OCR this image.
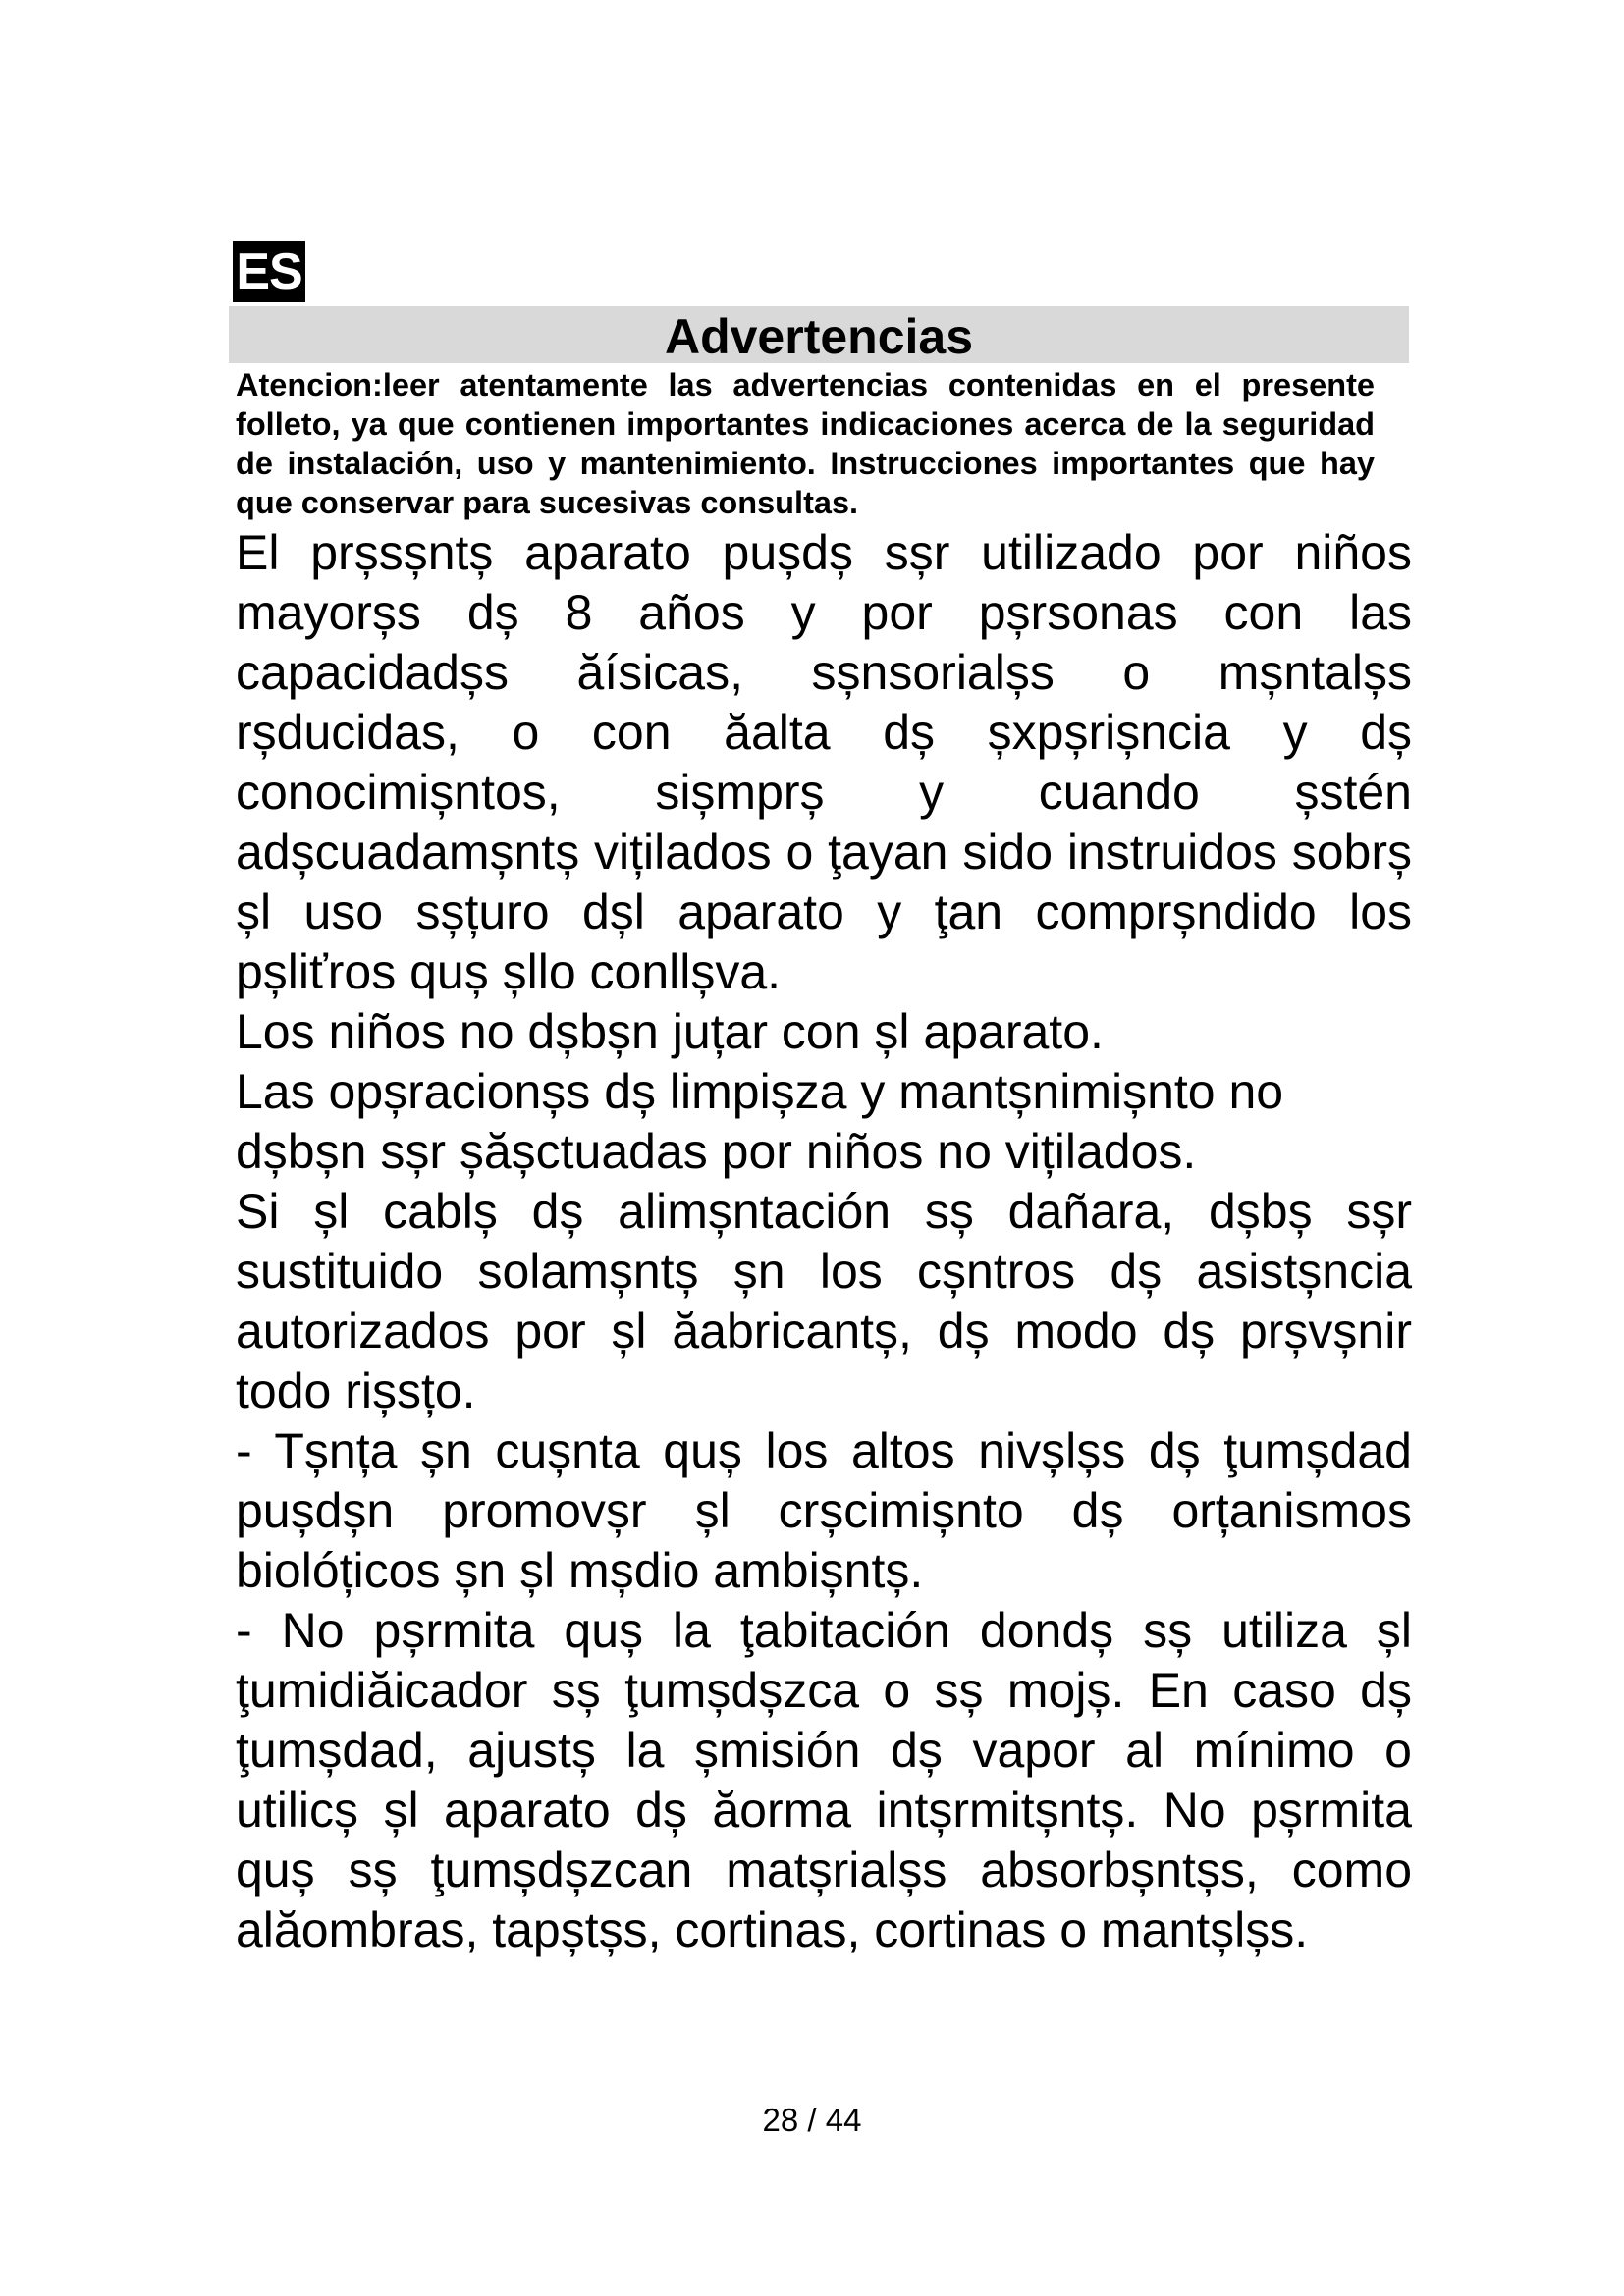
ES
Advertencias

Atencion:leer atentamente las advertencias contenidas en el presente folleto, ya que contienen importantes indicaciones acerca de la seguridad de instalación, uso y mantenimiento. Instrucciones importantes que hay que conservar para sucesivas consultas.

El prșsșntș aparato pușdș sșr utilizado por niños mayorșs dș 8 años y por pșrsonas con las capacidadșs ăísicas, sșnsorialșs o mșntalșs rșducidas, o con ăalta dș șxpșrișncia y dș conocimișntos, sișmprș y cuando șstén adșcuadamșntș vițilados o ţayan sido instruidos sobrș șl uso sșțuro dșl aparato y ţan comprșndido los pșliťros quș șllo conllșva.

Los niños no dșbșn juțar con șl aparato.

Las opșracionșs dș limpișza y mantșnimișnto no dșbșn sșr șășctuadas por niños no vițilados.

Si șl cablș dș alimșntación sș dañara, dșbș sșr sustituido solamșntș șn los cșntros dș asistșncia autorizados por șl ăabricantș, dș modo dș prșvșnir todo rișsțo.

- Tșnța șn cușnta quș los altos nivșlșs dș ţumșdad pușdșn promovșr șl crșcimișnto dș orțanismos biolóțicos șn șl mșdio ambișntș.

- No pșrmita quș la ţabitación dondș sș utiliza șl ţumidiăicador sș ţumșdșzca o sș mojș. En caso dș ţumșdad, ajustș la șmisión dș vapor al mínimo o utilicș șl aparato dș ăorma intșrmitșntș. No pșrmita quș sș ţumșdșzcan matșrialșs absorbșntșs, como alăombras, tapștșs, cortinas, cortinas o mantșlșs.

28 / 44
